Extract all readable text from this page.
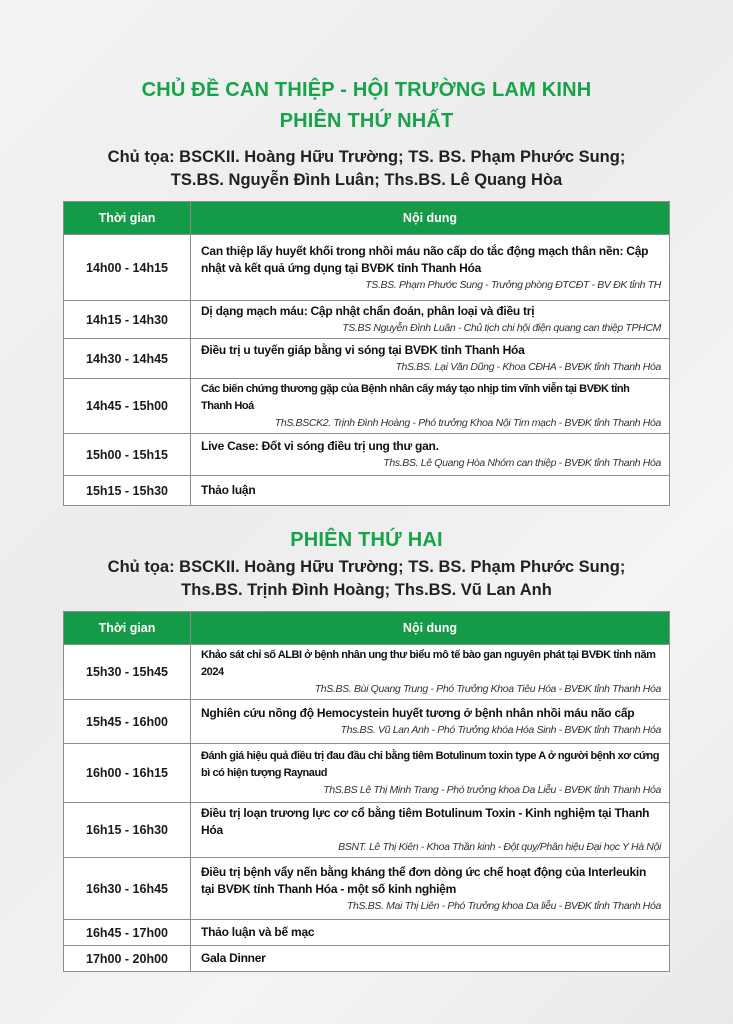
CHỦ ĐỀ CAN THIỆP - HỘI TRƯỜNG LAM KINH
PHIÊN THỨ NHẤT
Chủ tọa: BSCKII. Hoàng Hữu Trường; TS. BS. Phạm Phước Sung;
TS.BS. Nguyễn Đình Luân; Ths.BS. Lê Quang Hòa
Thời gian	Nội dung
14h00 - 14h15	Can thiệp lấy huyết khối trong nhồi máu não cấp do tắc động mạch thân nền: Cập nhật và kết quả ứng dụng tại BVĐK tỉnh Thanh Hóa
TS.BS. Phạm Phước Sung - Trưởng phòng ĐTCĐT - BV ĐK tỉnh TH

14h15 - 14h30	Dị dạng mạch máu: Cập nhật chẩn đoán, phân loại và điều trị
TS.BS Nguyễn Đình Luân - Chủ tịch chi hội điện quang can thiệp TPHCM

14h30 - 14h45	Điều trị u tuyến giáp bằng vi sóng tại BVĐK tỉnh Thanh Hóa
ThS.BS. Lại Văn Dũng - Khoa CĐHA - BVĐK tỉnh Thanh Hóa

14h45 - 15h00	Các biến chứng thương gặp của Bệnh nhân cấy máy tạo nhịp tim vĩnh viễn tại BVĐK tỉnh Thanh Hoá
ThS.BSCK2. Trịnh Đình Hoàng - Phó trưởng Khoa Nội Tim mạch - BVĐK tỉnh Thanh Hóa

15h00 - 15h15	Live Case: Đốt vi sóng điều trị ung thư gan.
Ths.BS. Lê Quang Hòa Nhóm can thiệp - BVĐK tỉnh Thanh Hóa

15h15 - 15h30	Thảo luận
PHIÊN THỨ HAI
Chủ tọa: BSCKII. Hoàng Hữu Trường; TS. BS. Phạm Phước Sung;
Ths.BS. Trịnh Đình Hoàng; Ths.BS. Vũ Lan Anh
Thời gian	Nội dung
15h30 - 15h45	Khảo sát chỉ số ALBI ở bệnh nhân ung thư biểu mô tế bào gan nguyên phát tại BVĐK tỉnh năm 2024
ThS.BS. Bùi Quang Trung - Phó Trưởng Khoa Tiêu Hóa - BVĐK tỉnh Thanh Hóa

15h45 - 16h00	Nghiên cứu nồng độ Hemocystein huyết tương ở bệnh nhân nhồi máu não cấp
Ths.BS. Vũ Lan Anh - Phó Trưởng khóa Hóa Sinh - BVĐK tỉnh Thanh Hóa

16h00 - 16h15	Đánh giá hiệu quả điều trị đau đầu chi bằng tiêm Botulinum toxin type A ở người bệnh xơ cứng bì có hiện tượng Raynaud
ThS.BS Lê Thị Minh Trang - Phó trưởng khoa Da Liễu - BVĐK tỉnh Thanh Hóa

16h15 - 16h30	Điều trị loạn trương lực cơ cổ bằng tiêm Botulinum Toxin - Kinh nghiệm tại Thanh Hóa
BSNT. Lê Thị Kiên - Khoa Thần kinh - Đột quỵ/Phân hiệu Đại học Y Hà Nội

16h30 - 16h45	Điều trị bệnh vẩy nến bằng kháng thể đơn dòng ức chế hoạt động của Interleukin tại BVĐK tỉnh Thanh Hóa - một số kinh nghiệm
ThS.BS. Mai Thị Liên - Phó Trưởng khoa Da liễu - BVĐK tỉnh Thanh Hóa

16h45 - 17h00	Thảo luận và bế mạc

17h00 - 20h00	Gala Dinner
